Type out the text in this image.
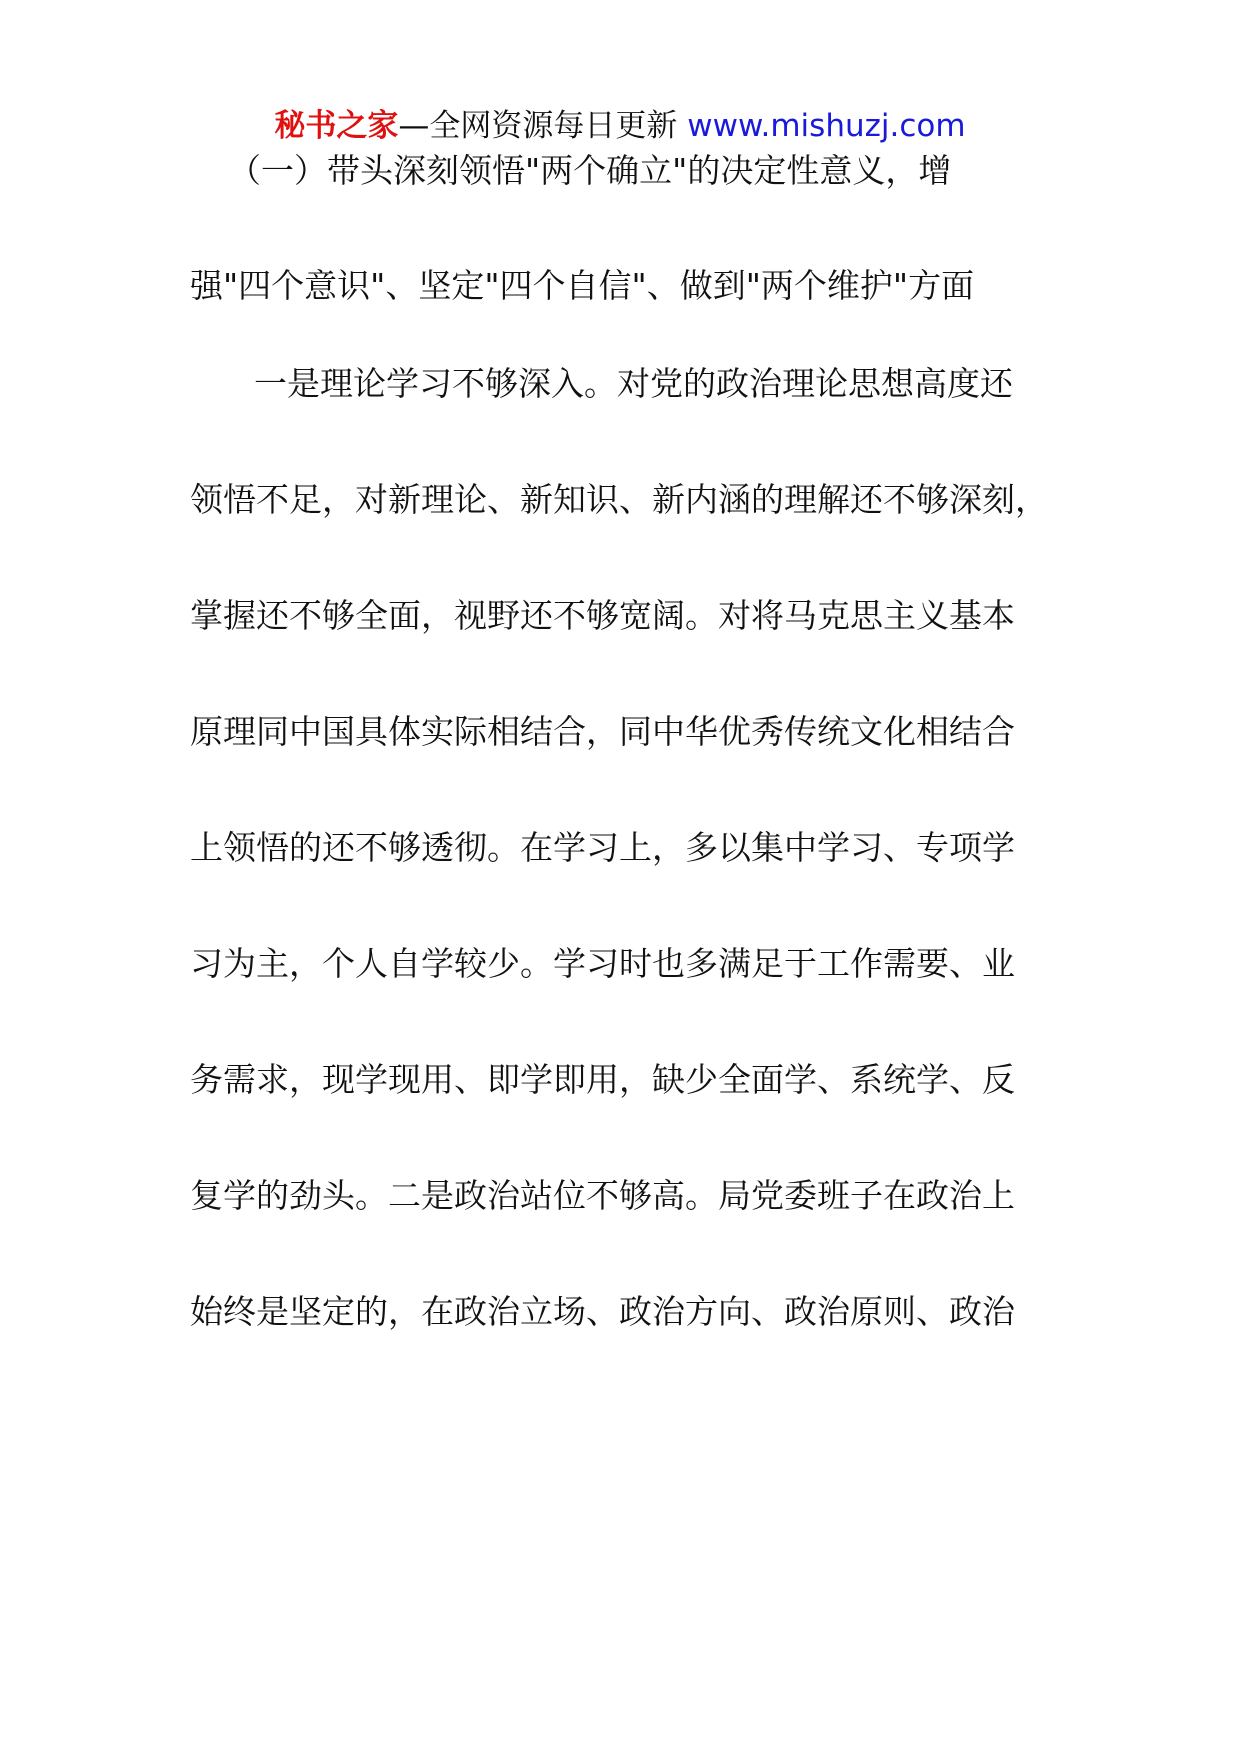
秘书之家—全网资源每日更新 www.mishuzj.com
（一）带头深刻领悟"两个确立"的决定性意义，增
强"四个意识"、坚定"四个自信"、做到"两个维护"方面
一是理论学习不够深入。对党的政治理论思想高度还
领悟不足，对新理论、新知识、新内涵的理解还不够深刻，
掌握还不够全面，视野还不够宽阔。对将马克思主义基本
原理同中国具体实际相结合，同中华优秀传统文化相结合
上领悟的还不够透彻。在学习上，多以集中学习、专项学
习为主，个人自学较少。学习时也多满足于工作需要、业
务需求，现学现用、即学即用，缺少全面学、系统学、反
复学的劲头。二是政治站位不够高。局党委班子在政治上
始终是坚定的，在政治立场、政治方向、政治原则、政治
